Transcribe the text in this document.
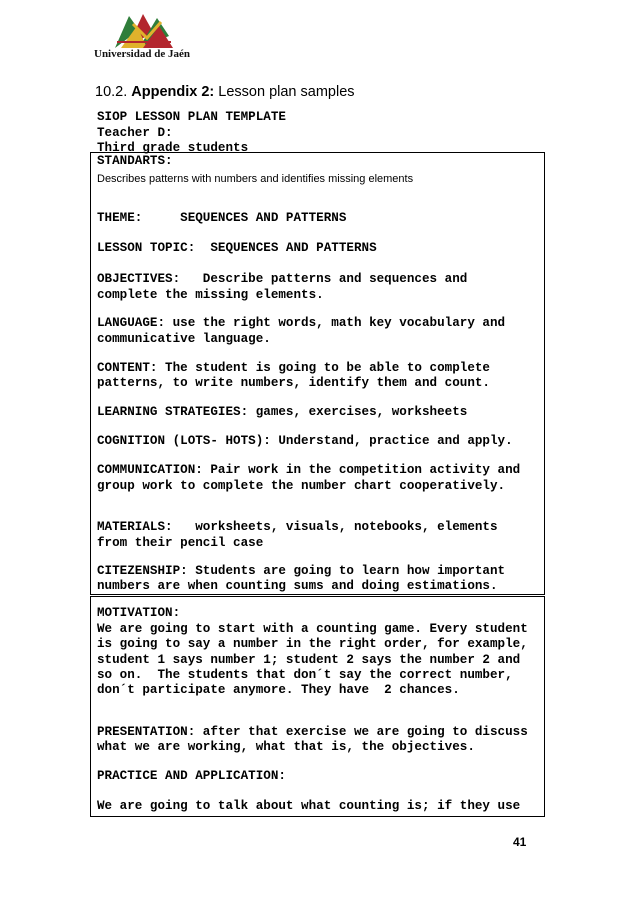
Universidad de Jaén
10.2. Appendix 2: Lesson plan samples
SIOP LESSON PLAN TEMPLATE
Teacher D:
Third grade students
STANDARTS:
Describes patterns with numbers and identifies missing elements
THEME:     SEQUENCES AND PATTERNS
LESSON TOPIC:  SEQUENCES AND PATTERNS
OBJECTIVES:   Describe patterns and sequences and
complete the missing elements.
LANGUAGE: use the right words, math key vocabulary and
communicative language.
CONTENT: The student is going to be able to complete
patterns, to write numbers, identify them and count.
LEARNING STRATEGIES: games, exercises, worksheets
COGNITION (LOTS- HOTS): Understand, practice and apply.
COMMUNICATION: Pair work in the competition activity and
group work to complete the number chart cooperatively.
MATERIALS:   worksheets, visuals, notebooks, elements
from their pencil case
CITEZENSHIP: Students are going to learn how important
numbers are when counting sums and doing estimations.
MOTIVATION:
We are going to start with a counting game. Every student
is going to say a number in the right order, for example,
student 1 says number 1; student 2 says the number 2 and
so on.  The students that don´t say the correct number,
don´t participate anymore. They have  2 chances.
PRESENTATION: after that exercise we are going to discuss
what we are working, what that is, the objectives.
PRACTICE AND APPLICATION:
We are going to talk about what counting is; if they use
41
